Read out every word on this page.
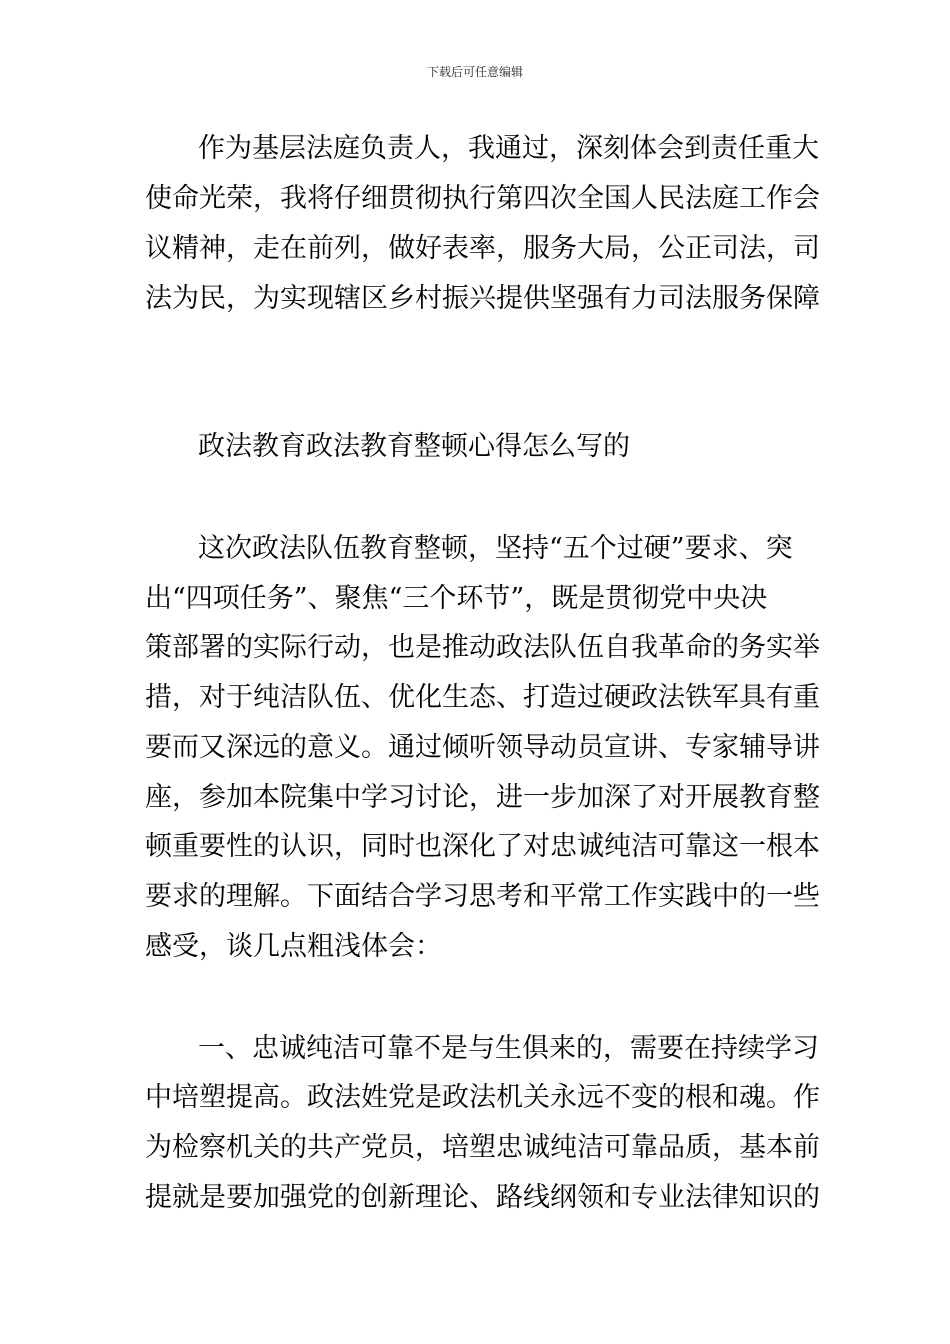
下载后可任意编辑
作为基层法庭负责人，我通过，深刻体会到责任重大
使命光荣，我将仔细贯彻执行第四次全国人民法庭工作会
议精神，走在前列，做好表率，服务大局，公正司法，司
法为民，为实现辖区乡村振兴提供坚强有力司法服务保障
政法教育政法教育整顿心得怎么写的
这次政法队伍教育整顿，坚持“五个过硬”要求、突
出“四项任务”、聚焦“三个环节”，既是贯彻党中央决
策部署的实际行动，也是推动政法队伍自我革命的务实举
措，对于纯洁队伍、优化生态、打造过硬政法铁军具有重
要而又深远的意义。通过倾听领导动员宣讲、专家辅导讲
座，参加本院集中学习讨论，进一步加深了对开展教育整
顿重要性的认识，同时也深化了对忠诚纯洁可靠这一根本
要求的理解。下面结合学习思考和平常工作实践中的一些
感受，谈几点粗浅体会：
一、忠诚纯洁可靠不是与生俱来的，需要在持续学习
中培塑提高。政法姓党是政法机关永远不变的根和魂。作
为检察机关的共产党员，培塑忠诚纯洁可靠品质，基本前
提就是要加强党的创新理论、路线纲领和专业法律知识的
